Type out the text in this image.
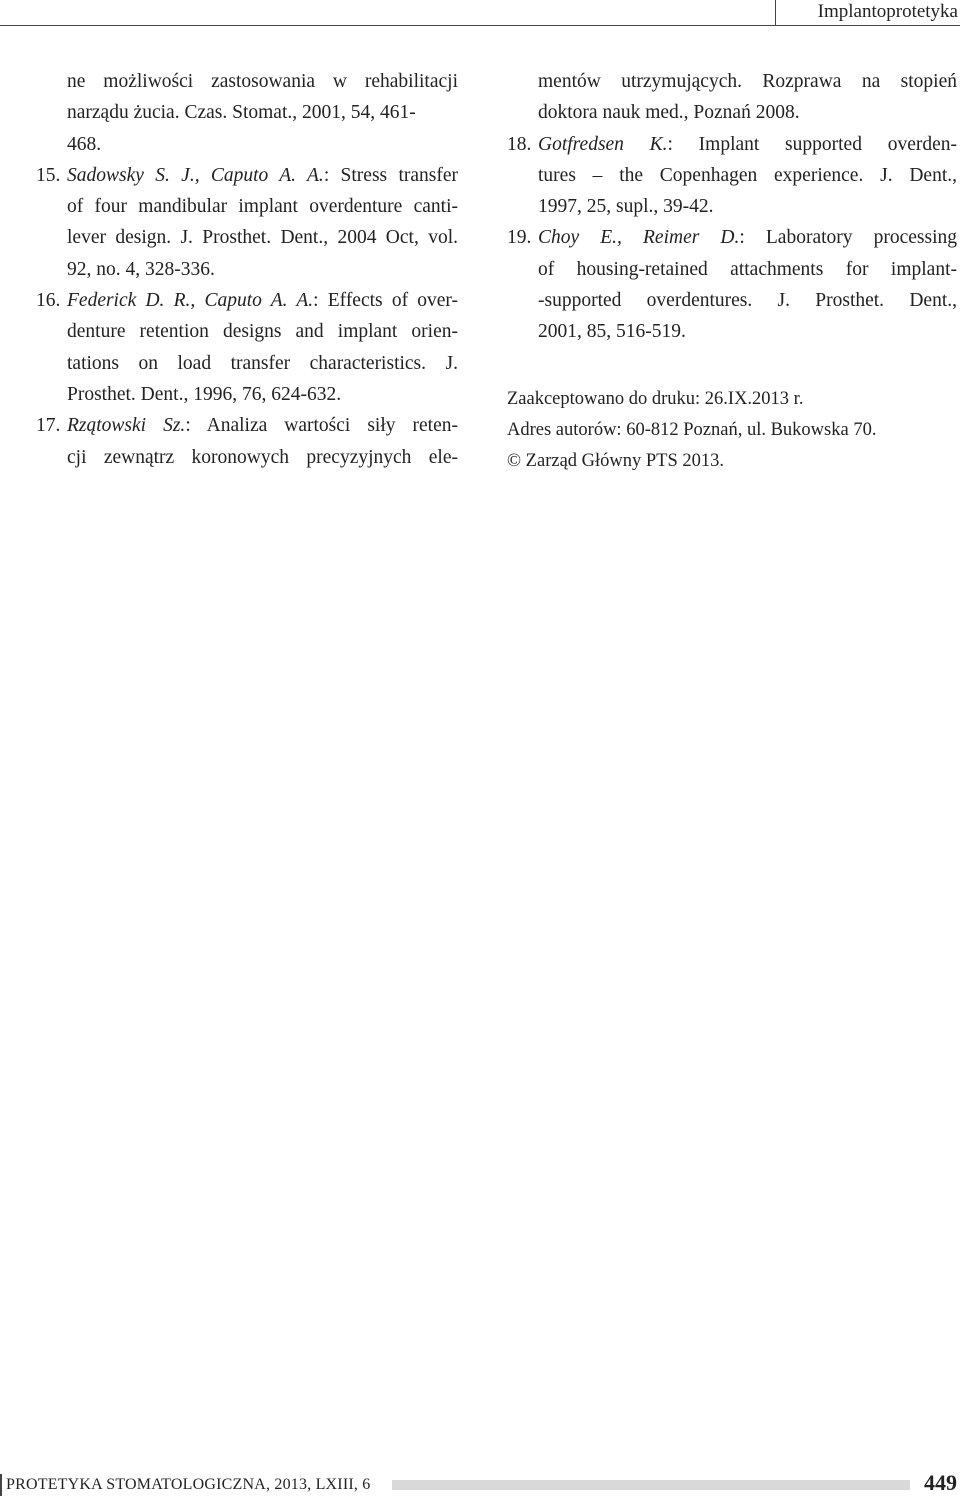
Implantoprotetyka
ne możliwości zastosowania w rehabilitacji
narządu żucia. Czas. Stomat., 2001, 54, 461-
468.
15. Sadowsky S. J., Caputo A. A.: Stress transfer
of four mandibular implant overdenture canti-
lever design. J. Prosthet. Dent., 2004 Oct, vol.
92, no. 4, 328-336.
16. Federick D. R., Caputo A. A.: Effects of over-
denture retention designs and implant orien-
tations on load transfer characteristics. J.
Prosthet. Dent., 1996, 76, 624-632.
17. Rzątowski Sz.: Analiza wartości siły reten-
cji zewnątrz koronowych precyzyjnych ele-
mentów utrzymujących. Rozprawa na stopień
doktora nauk med., Poznań 2008.
18. Gotfredsen K.: Implant supported overden-
tures – the Copenhagen experience. J. Dent.,
1997, 25, supl., 39-42.
19. Choy E., Reimer D.: Laboratory processing
of housing-retained attachments for implant-
-supported overdentures. J. Prosthet. Dent.,
2001, 85, 516-519.
Zaakceptowano do druku: 26.IX.2013 r.
Adres autorów: 60-812 Poznań, ul. Bukowska 70.
© Zarząd Główny PTS 2013.
PROTETYKA STOMATOLOGICZNA, 2013, LXIII, 6	449
